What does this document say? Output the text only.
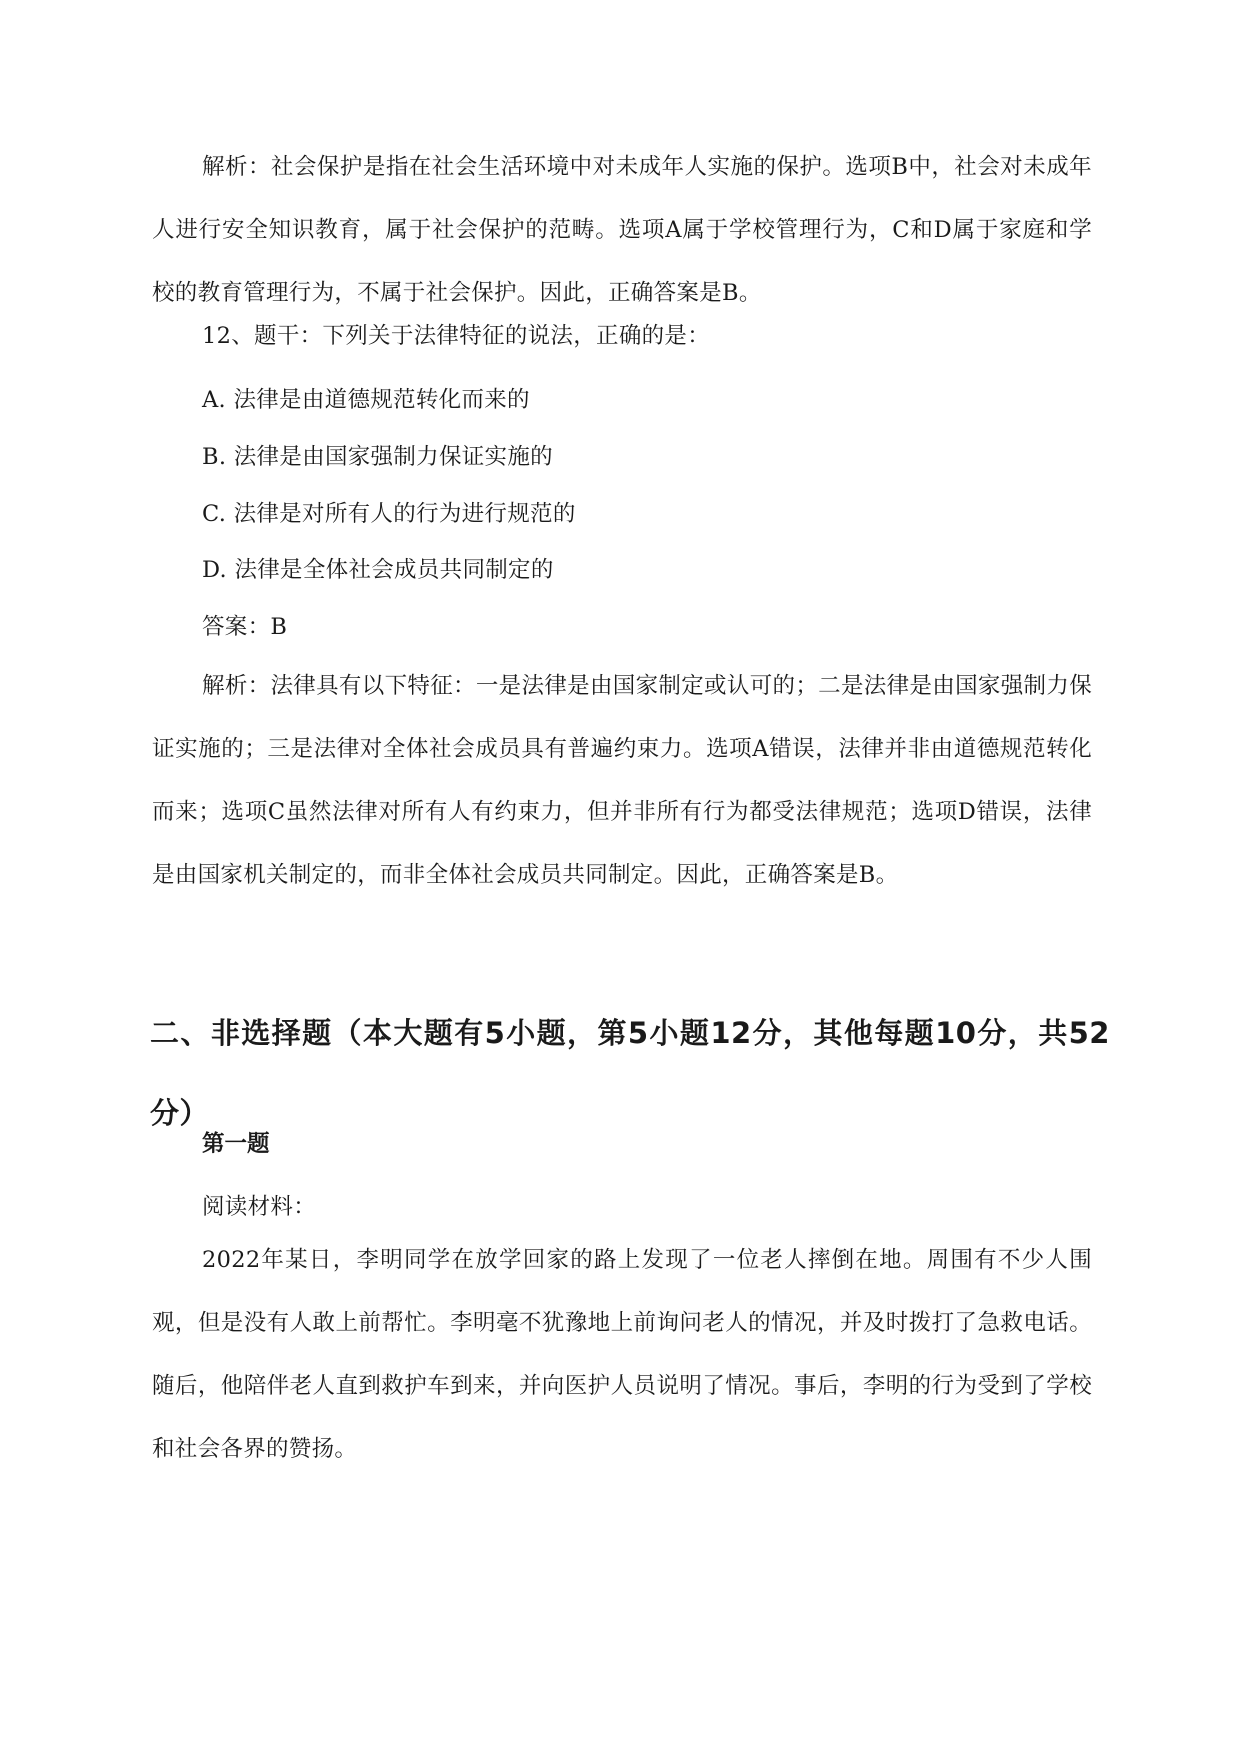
解析：社会保护是指在社会生活环境中对未成年人实施的保护。选项B中，社会对未成年人进行安全知识教育，属于社会保护的范畴。选项A属于学校管理行为，C和D属于家庭和学校的教育管理行为，不属于社会保护。因此，正确答案是B。

12、题干：下列关于法律特征的说法，正确的是：

A. 法律是由道德规范转化而来的

B. 法律是由国家强制力保证实施的

C. 法律是对所有人的行为进行规范的

D. 法律是全体社会成员共同制定的

答案：B

解析：法律具有以下特征：一是法律是由国家制定或认可的；二是法律是由国家强制力保证实施的；三是法律对全体社会成员具有普遍约束力。选项A错误，法律并非由道德规范转化而来；选项C虽然法律对所有人有约束力，但并非所有行为都受法律规范；选项D错误，法律是由国家机关制定的，而非全体社会成员共同制定。因此，正确答案是B。

二、非选择题（本大题有5小题，第5小题12分，其他每题10分，共52分）
第一题

阅读材料：

2022年某日，李明同学在放学回家的路上发现了一位老人摔倒在地。周围有不少人围观，但是没有人敢上前帮忙。李明毫不犹豫地上前询问老人的情况，并及时拨打了急救电话。随后，他陪伴老人直到救护车到来，并向医护人员说明了情况。事后，李明的行为受到了学校和社会各界的赞扬。
